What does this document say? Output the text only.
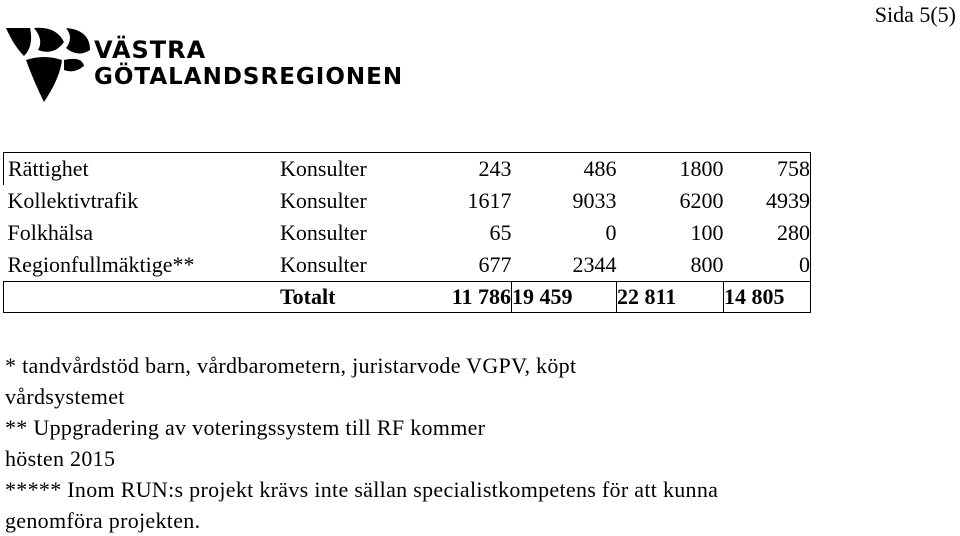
Sida 5(5)
VÄSTRA
GÖTALANDSREGIONEN
Rättighet	Konsulter	243	486	1800	758
Kollektivtrafik	Konsulter	1617	9033	6200	4939
Folkhälsa	Konsulter	65	0	100	280
Regionfullmäktige**	Konsulter	677	2344	800	0
	Totalt	11 786	19 459	22 811	14 805
* tandvårdstöd barn, vårdbarometern, juristarvode VGPV, köpt
vårdsystemet
** Uppgradering av voteringssystem till RF kommer
hösten 2015
***** Inom RUN:s projekt krävs inte sällan specialistkompetens för att kunna
genomföra projekten.
